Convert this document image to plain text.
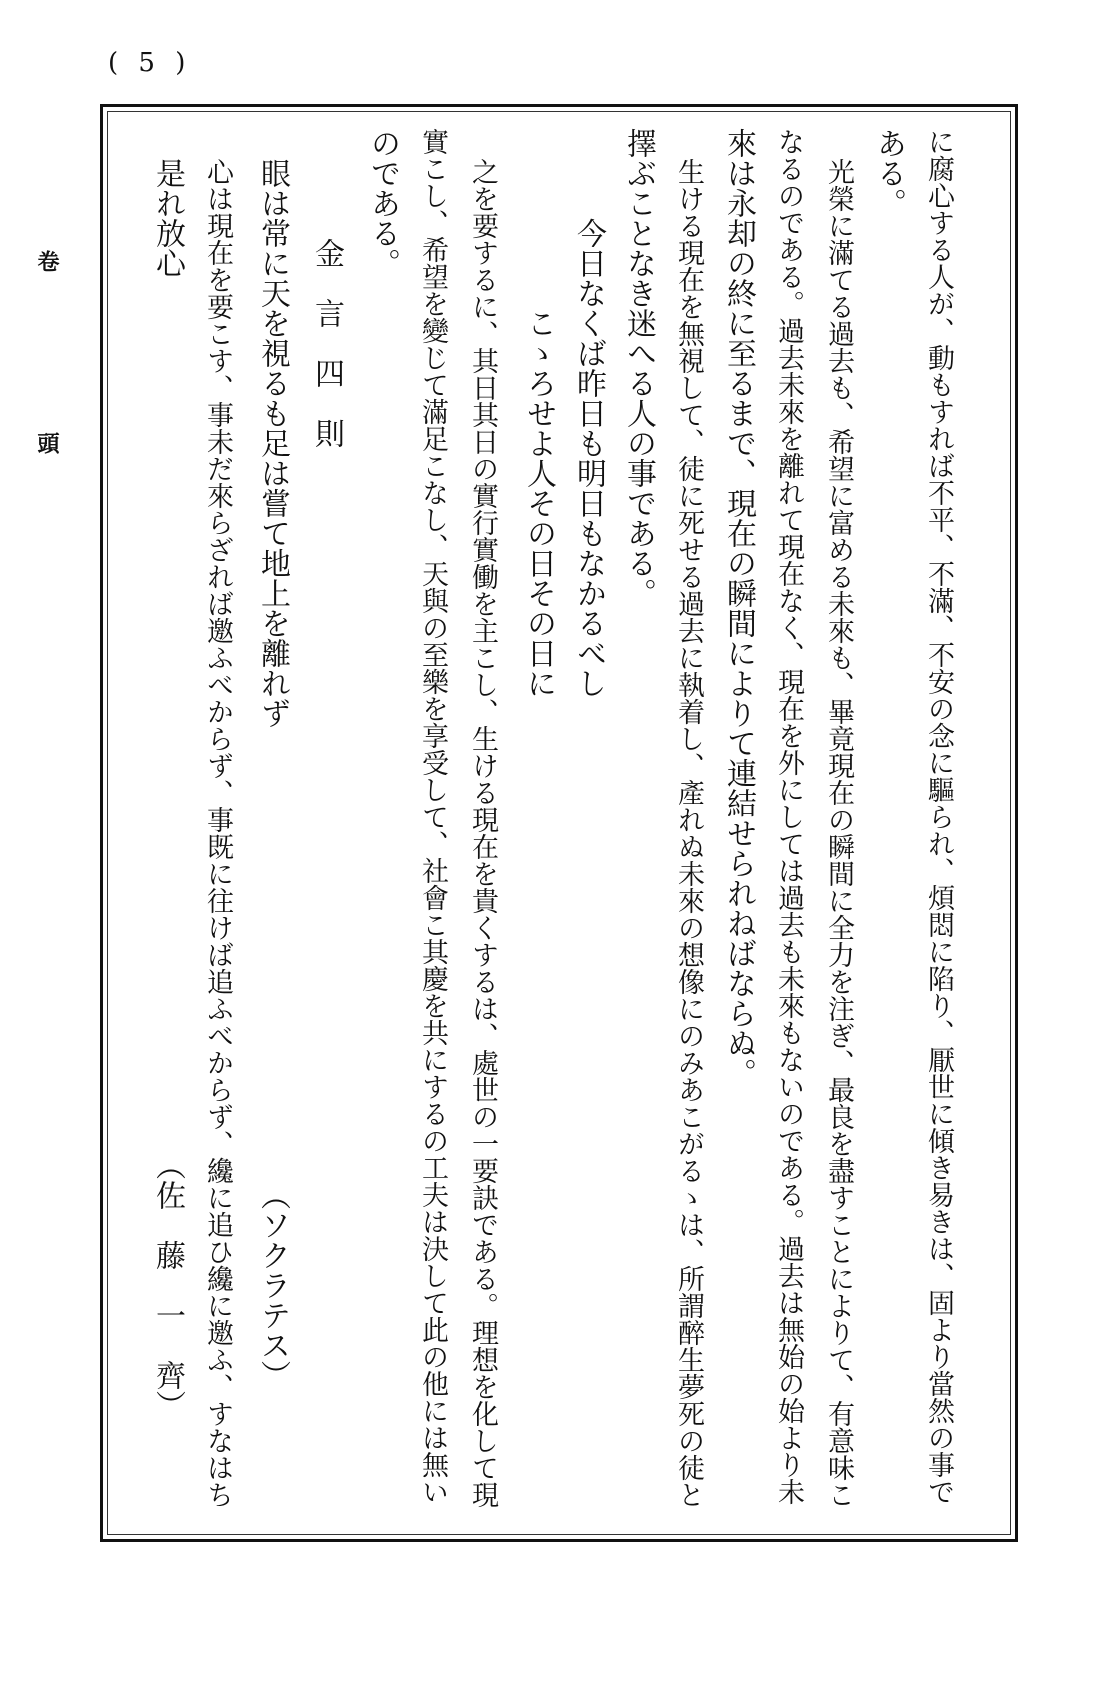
( 5 )
卷頭	に腐心する人が、動もすれば不平、不滿、不安の念に驅られ、煩悶に陷り、厭世に傾き易きは、固より當然の事で
ある。
光榮に滿てる過去も、希望に富める未來も、畢竟現在の瞬間に全力を注ぎ、最良を盡すことによりて、有意味こ
なるのである。過去未來を離れて現在なく、現在を外にしては過去も未來もないのである。過去は無始の始より未
來は永却の終に至るまで、現在の瞬間によりて連結せられねばならぬ。
生ける現在を無視して、徒に死せる過去に執着し、產れぬ未來の想像にのみあこがるゝは、所謂醉生夢死の徒と
擇ぶことなき迷へる人の事である。
今日なくば昨日も明日もなかるべし
こゝろせよ人その日その日に
之を要するに、其日其日の實行實働を主こし、生ける現在を貴くするは、處世の一要訣である。理想を化して現
實こし、希望を變じて滿足こなし、天與の至樂を享受して、社會こ其慶を共にするの工夫は決して此の他には無い
のである。
金　言　四　則
（ソクラテス）
眼は常に天を視るも足は嘗て地上を離れず
心は現在を要こす、事未だ來らざれば邀ふべからず、事既に往けば追ふべからず、纔に追ひ纔に邀ふ、すなはち
是れ放心
（佐　藤　一　齊）
